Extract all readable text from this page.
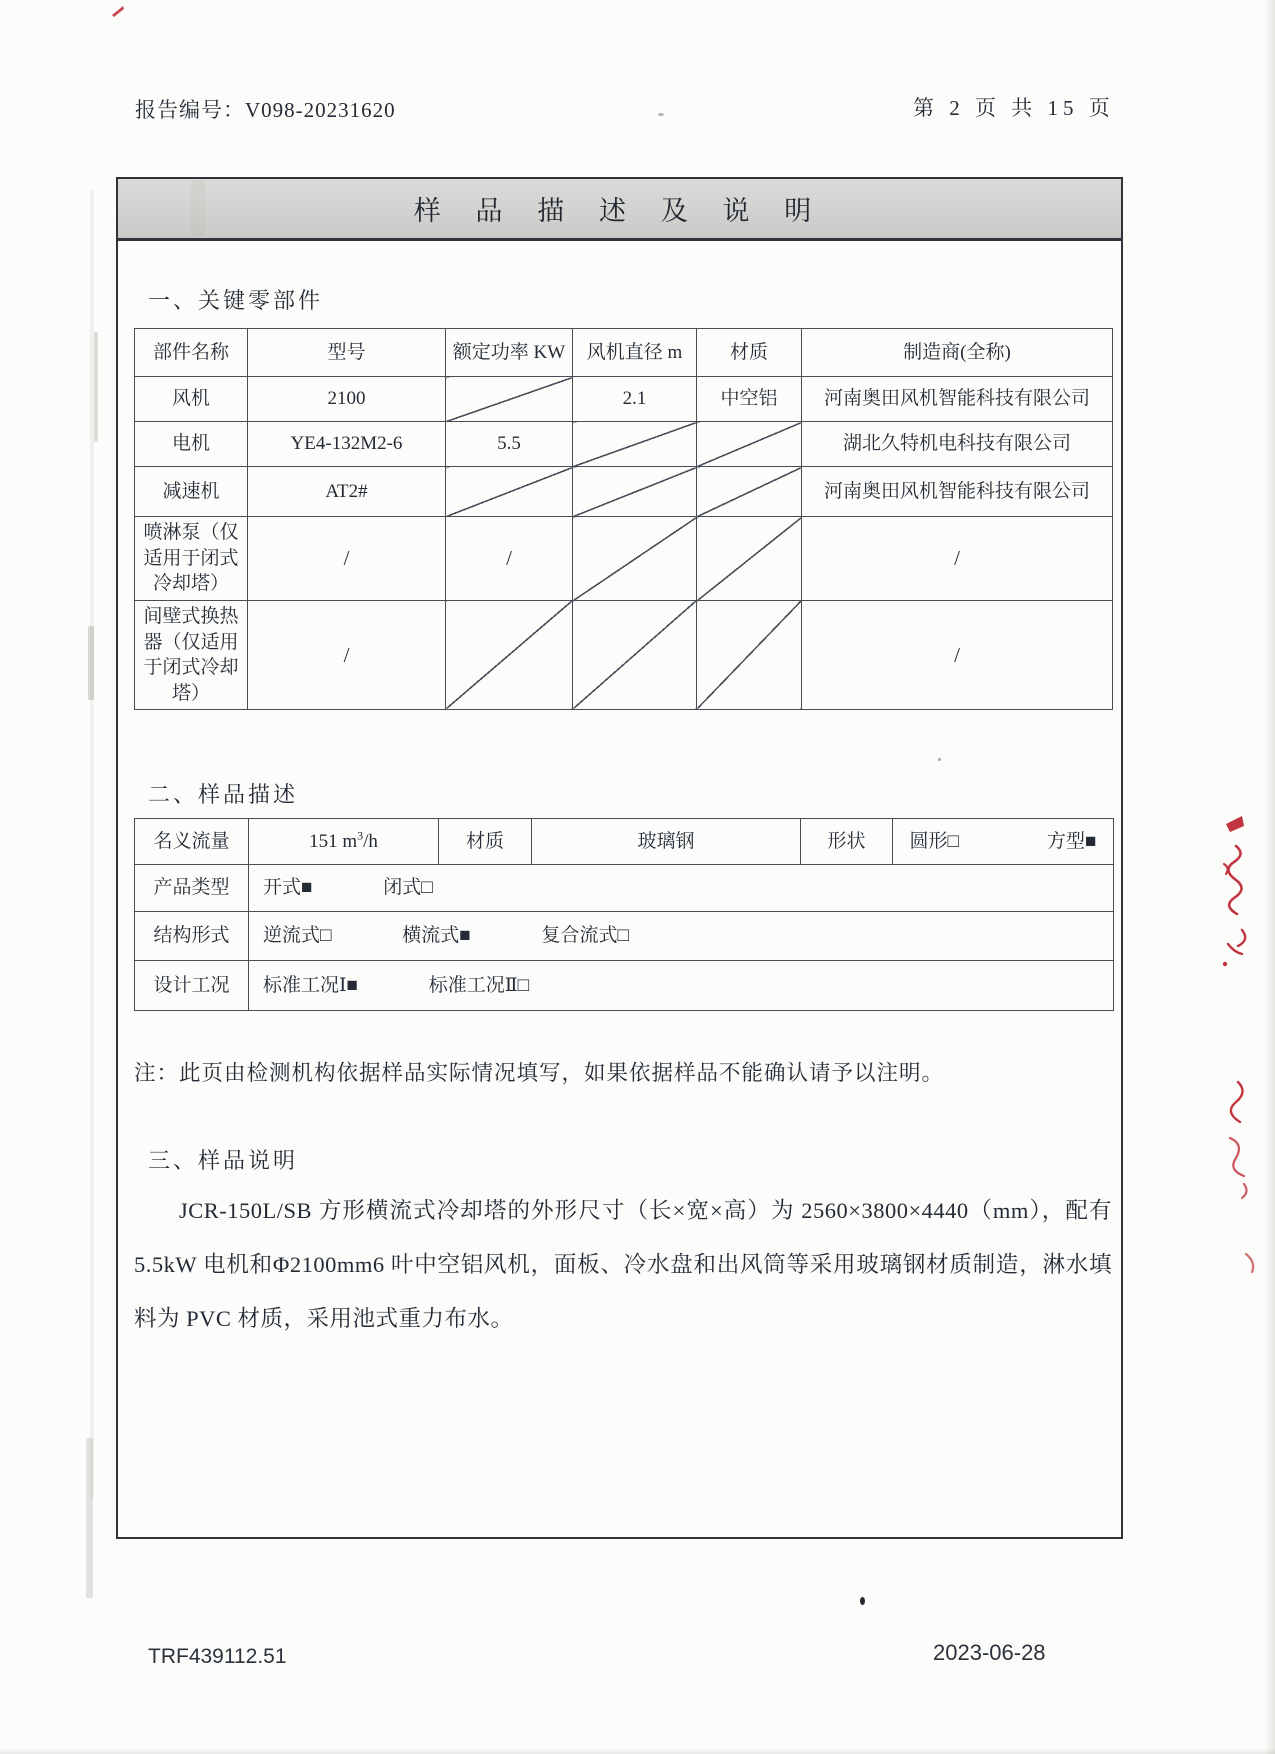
报告编号：V098-20231620	第 2 页 共 15 页
样 品 描 述 及 说 明
一、关键零部件
部件名称	型号	额定功率 KW	风机直径 m	材质	制造商(全称)
风机	2100		2.1	中空铝	河南奥田风机智能科技有限公司
电机	YE4-132M2-6	5.5			湖北久特机电科技有限公司
减速机	AT2#				河南奥田风机智能科技有限公司
喷淋泵（仅适用于闭式冷却塔）	/	/			/
间壁式换热器（仅适用于闭式冷却塔）	/				/
二、样品描述
名义流量	151 $m^3/h$	材质	玻璃钢	形状	圆形□ 方型■

产品类型	开式■ 闭式□				
结构形式	逆流式□ 横流式■ 复合流式□				
设计工况	标准工况Ⅰ■ 标准工况Ⅱ□				
注：此页由检测机构依据样品实际情况填写，如果依据样品不能确认请予以注明。
三、样品说明
JCR-150L/SB 方形横流式冷却塔的外形尺寸（长×宽×高）为 2560×3800×4440（mm），配有 5.5kW 电机和Φ2100mm6 叶中空铝风机，面板、冷水盘和出风筒等采用玻璃钢材质制造，淋水填料为 PVC 材质，采用池式重力布水。
TRF439112.51	2023-06-28
